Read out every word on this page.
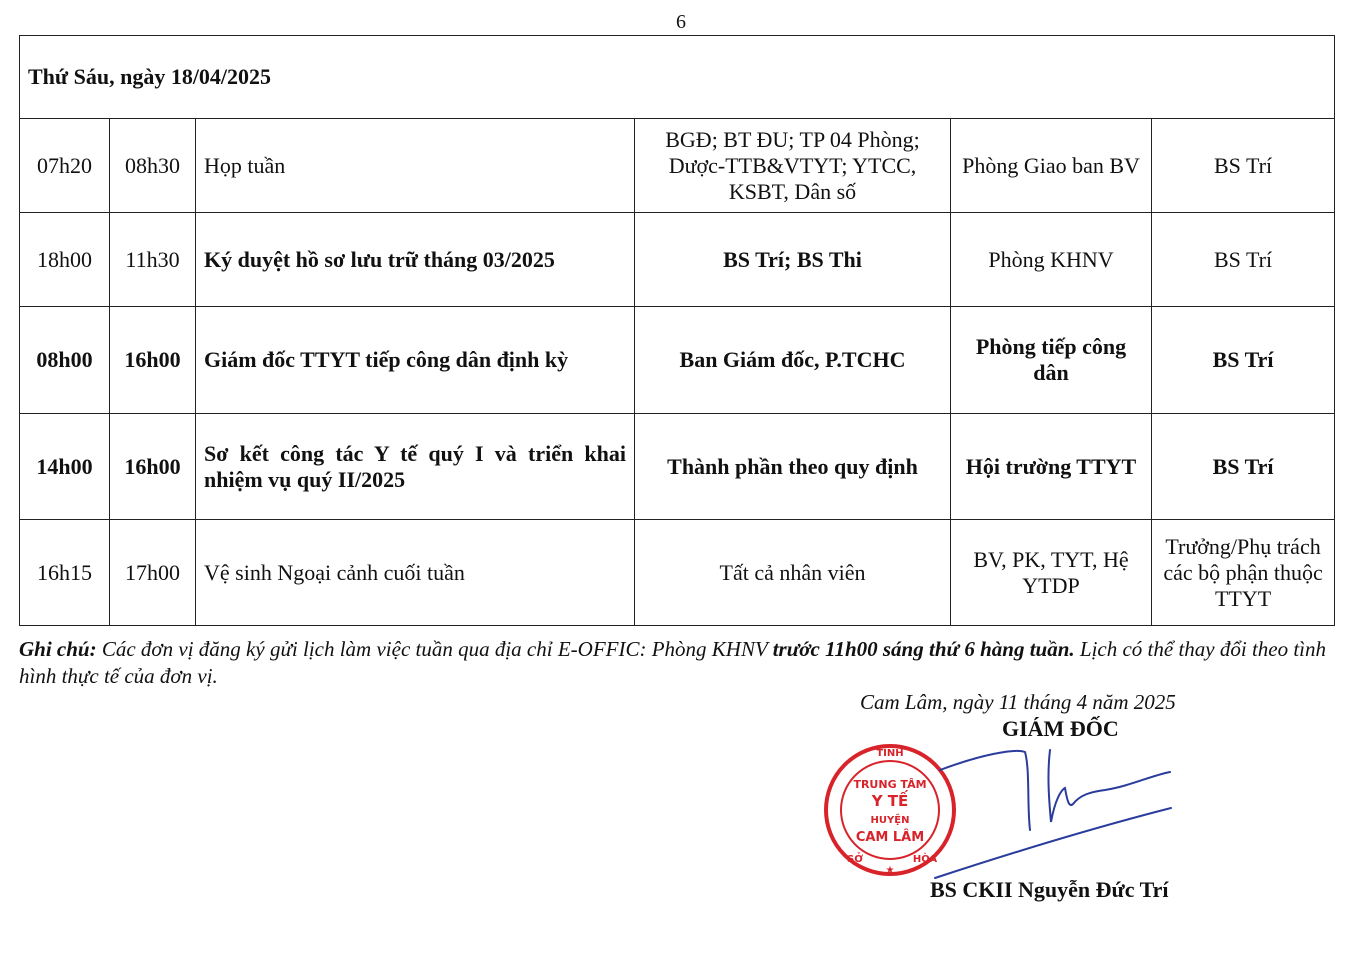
6
Thứ Sáu, ngày 18/04/2025					
07h20	08h30	Họp tuần	BGĐ; BT ĐU; TP 04 Phòng; Dược-TTB&VTYT; YTCC, KSBT, Dân số	Phòng Giao ban BV	BS Trí
18h00	11h30	Ký duyệt hồ sơ lưu trữ tháng 03/2025	BS Trí; BS Thi	Phòng KHNV	BS Trí
08h00	16h00	Giám đốc TTYT tiếp công dân định kỳ	Ban Giám đốc, P.TCHC	Phòng tiếp công dân	BS Trí
14h00	16h00	Sơ kết công tác Y tế quý I và triển khai nhiệm vụ quý II/2025	Thành phần theo quy định	Hội trường TTYT	BS Trí
16h15	17h00	Vệ sinh Ngoại cảnh cuối tuần	Tất cả nhân viên	BV, PK, TYT, Hệ YTDP	Trưởng/Phụ trách các bộ phận thuộc TTYT
Ghi chú: Các đơn vị đăng ký gửi lịch làm việc tuần qua địa chỉ E-OFFIC: Phòng KHNV trước 11h00 sáng thứ 6 hàng tuần. Lịch có thể thay đổi theo tình hình thực tế của đơn vị.
Cam Lâm, ngày 11 tháng 4 năm 2025
GIÁM ĐỐC
TRUNG TÂM
Y TẾ
HUYỆN
CAM LÂM
TỈNH
SỞ	HÒA
★
BS CKII Nguyễn Đức Trí
